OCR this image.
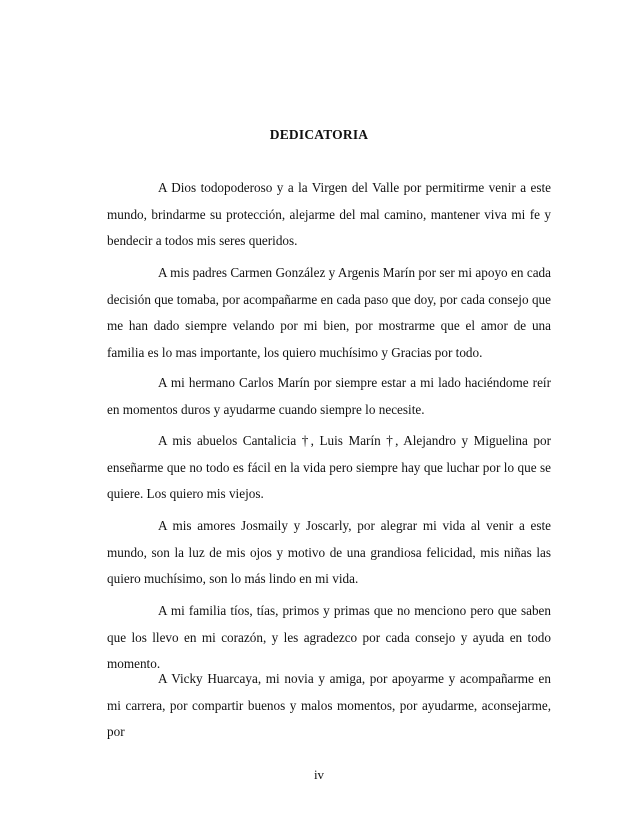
DEDICATORIA

A Dios todopoderoso y a la Virgen del Valle por permitirme venir a este mundo, brindarme su protección, alejarme del mal camino, mantener viva mi fe y bendecir a todos mis seres queridos.

A mis padres Carmen González y Argenis Marín por ser mi apoyo en cada decisión que tomaba, por acompañarme en cada paso que doy, por cada consejo que me han dado siempre velando por mi bien, por mostrarme que el amor de una familia es lo mas importante, los quiero muchísimo y Gracias por todo.

A mi hermano Carlos Marín por siempre estar a mi lado haciéndome reír en momentos duros y ayudarme cuando siempre lo necesite.

A mis abuelos Cantalicia †, Luis Marín †, Alejandro y Miguelina por enseñarme que no todo es fácil en la vida pero siempre hay que luchar por lo que se quiere. Los quiero mis viejos.

A mis amores Josmaily y Joscarly, por alegrar mi vida al venir a este mundo, son la luz de mis ojos y motivo de una grandiosa felicidad, mis niñas las quiero muchísimo, son lo más lindo en mi vida.

A mi familia tíos, tías, primos y primas que no menciono pero que saben que los llevo en mi corazón, y les agradezco por cada consejo y ayuda en todo momento.

A Vicky Huarcaya, mi novia y amiga, por apoyarme y acompañarme en mi carrera, por compartir buenos y malos momentos, por ayudarme, aconsejarme, por

iv
